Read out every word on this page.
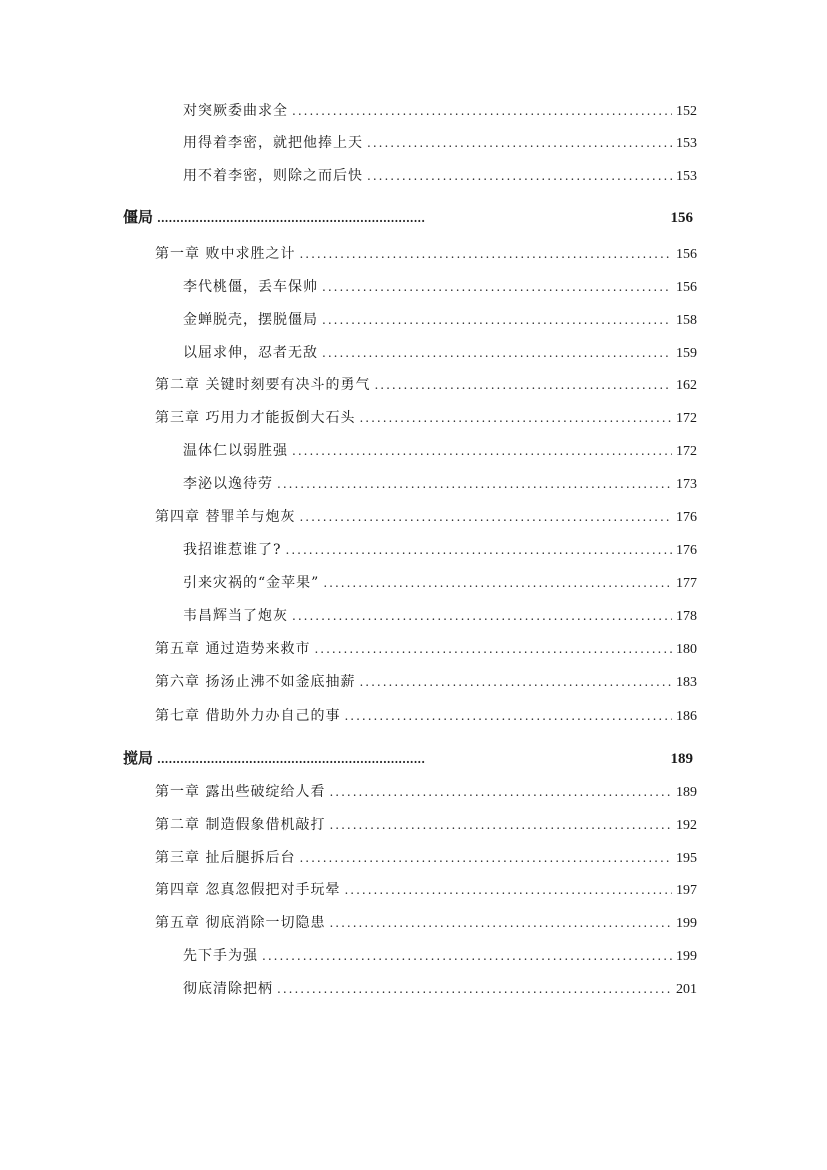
对突厥委曲求全 .....	152
用得着李密，就把他捧上天 .....	153
用不着李密，则除之而后快 .....	153
僵局 .....	156
第一章 败中求胜之计 .....	156
李代桃僵，丢车保帅 .....	156
金蝉脱壳，摆脱僵局 .....	158
以屈求伸，忍者无敌 .....	159
第二章 关键时刻要有决斗的勇气 .....	162
第三章 巧用力才能扳倒大石头 .....	172
温体仁以弱胜强 .....	172
李泌以逸待劳 .....	173
第四章 替罪羊与炮灰 .....	176
我招谁惹谁了? .....	176
引来灾祸的“金苹果” .....	177
韦昌辉当了炮灰 .....	178
第五章 通过造势来救市 .....	180
第六章 扬汤止沸不如釜底抽薪 .....	183
第七章 借助外力办自己的事 .....	186
搅局 .....	189
第一章 露出些破绽给人看 .....	189
第二章 制造假象借机敲打 .....	192
第三章 扯后腿拆后台 .....	195
第四章 忽真忽假把对手玩晕 .....	197
第五章 彻底消除一切隐患 .....	199
先下手为强 .....	199
彻底清除把柄 .....	201
